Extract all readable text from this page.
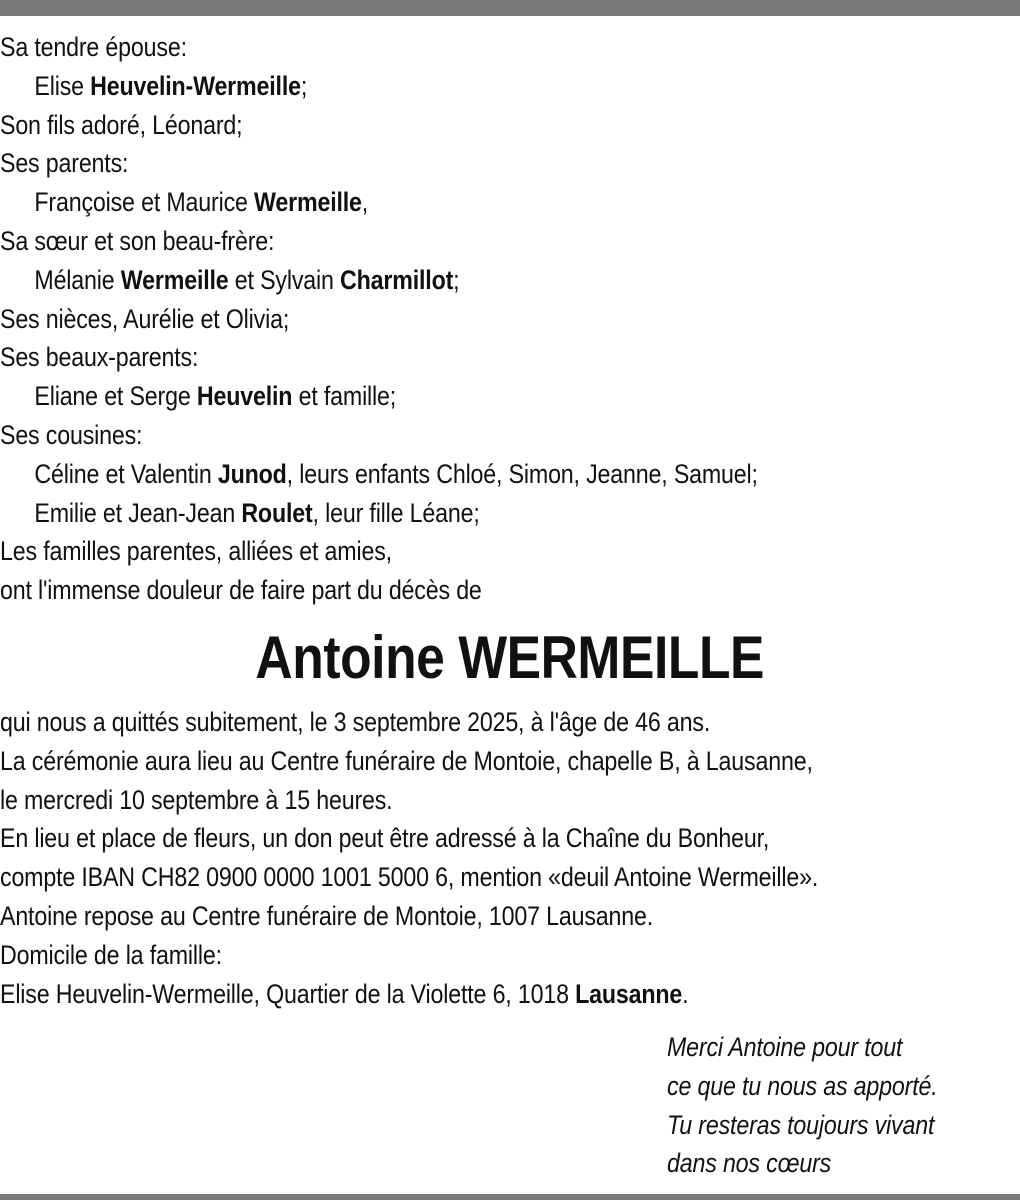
Sa tendre épouse:
Elise Heuvelin-Wermeille;
Son fils adoré, Léonard;
Ses parents:
Françoise et Maurice Wermeille,
Sa sœur et son beau-frère:
Mélanie Wermeille et Sylvain Charmillot;
Ses nièces, Aurélie et Olivia;
Ses beaux-parents:
Eliane et Serge Heuvelin et famille;
Ses cousines:
Céline et Valentin Junod, leurs enfants Chloé, Simon, Jeanne, Samuel;
Emilie et Jean-Jean Roulet, leur fille Léane;
Les familles parentes, alliées et amies,
ont l'immense douleur de faire part du décès de
Antoine WERMEILLE
qui nous a quittés subitement, le 3 septembre 2025, à l'âge de 46 ans.
La cérémonie aura lieu au Centre funéraire de Montoie, chapelle B, à Lausanne,
le mercredi 10 septembre à 15 heures.
En lieu et place de fleurs, un don peut être adressé à la Chaîne du Bonheur,
compte IBAN CH82 0900 0000 1001 5000 6, mention «deuil Antoine Wermeille».
Antoine repose au Centre funéraire de Montoie, 1007 Lausanne.
Domicile de la famille:
Elise Heuvelin-Wermeille, Quartier de la Violette 6, 1018 Lausanne.
Merci Antoine pour tout
ce que tu nous as apporté.
Tu resteras toujours vivant
dans nos cœurs
